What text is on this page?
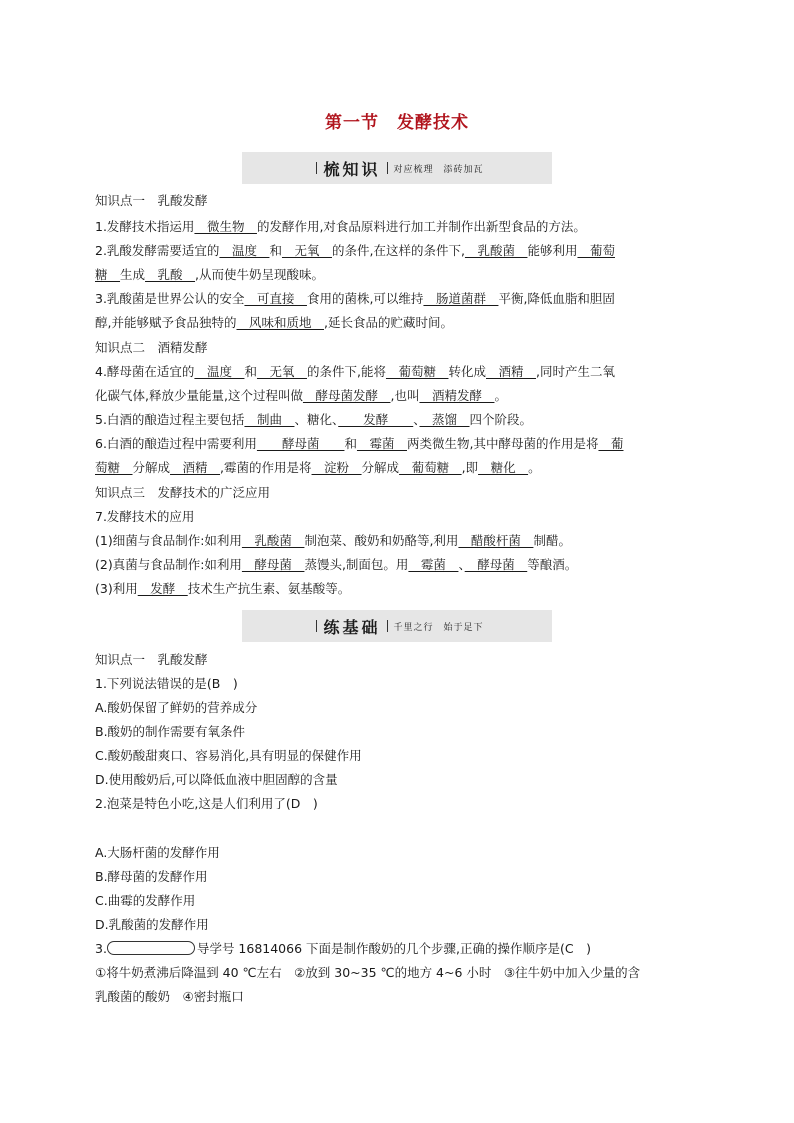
第一节　发酵技术
梳知识 对应梳理　添砖加瓦
知识点一　乳酸发酵
1.发酵技术指运用　微生物　的发酵作用,对食品原料进行加工并制作出新型食品的方法。
2.乳酸发酵需要适宜的　温度　和　无氧　的条件,在这样的条件下,　乳酸菌　能够利用　葡萄
糖　生成　乳酸　,从而使牛奶呈现酸味。
3.乳酸菌是世界公认的安全　可直接　食用的菌株,可以维持　肠道菌群　平衡,降低血脂和胆固
醇,并能够赋予食品独特的　风味和质地　,延长食品的贮藏时间。
知识点二　酒精发酵
4.酵母菌在适宜的　温度　和　无氧　的条件下,能将　葡萄糖　转化成　酒精　,同时产生二氧
化碳气体,释放少量能量,这个过程叫做　酵母菌发酵　,也叫　酒精发酵　。
5.白酒的酿造过程主要包括　制曲　、糖化、　　发酵　　、　蒸馏　四个阶段。
6.白酒的酿造过程中需要利用　　酵母菌　　和　霉菌　两类微生物,其中酵母菌的作用是将　葡
萄糖　分解成　酒精　,霉菌的作用是将　淀粉　分解成　葡萄糖　,即　糖化　。
知识点三　发酵技术的广泛应用
7.发酵技术的应用
(1)细菌与食品制作:如利用　乳酸菌　制泡菜、酸奶和奶酪等,利用　醋酸杆菌　制醋。
(2)真菌与食品制作:如利用　酵母菌　蒸馒头,制面包。用　霉菌　、　酵母菌　等酿酒。
(3)利用　发酵　技术生产抗生素、氨基酸等。
练基础 千里之行　始于足下
知识点一　乳酸发酵
1.下列说法错误的是(B　)
A.酸奶保留了鲜奶的营养成分
B.酸奶的制作需要有氧条件
C.酸奶酸甜爽口、容易消化,具有明显的保健作用
D.使用酸奶后,可以降低血液中胆固醇的含量
2.泡菜是特色小吃,这是人们利用了(D　)
A.大肠杆菌的发酵作用
B.酵母菌的发酵作用
C.曲霉的发酵作用
D.乳酸菌的发酵作用
3.	导学号 16814066 下面是制作酸奶的几个步骤,正确的操作顺序是(C　)
①将牛奶煮沸后降温到 40 ℃左右　②放到 30~35 ℃的地方 4~6 小时　③往牛奶中加入少量的含
乳酸菌的酸奶　④密封瓶口
